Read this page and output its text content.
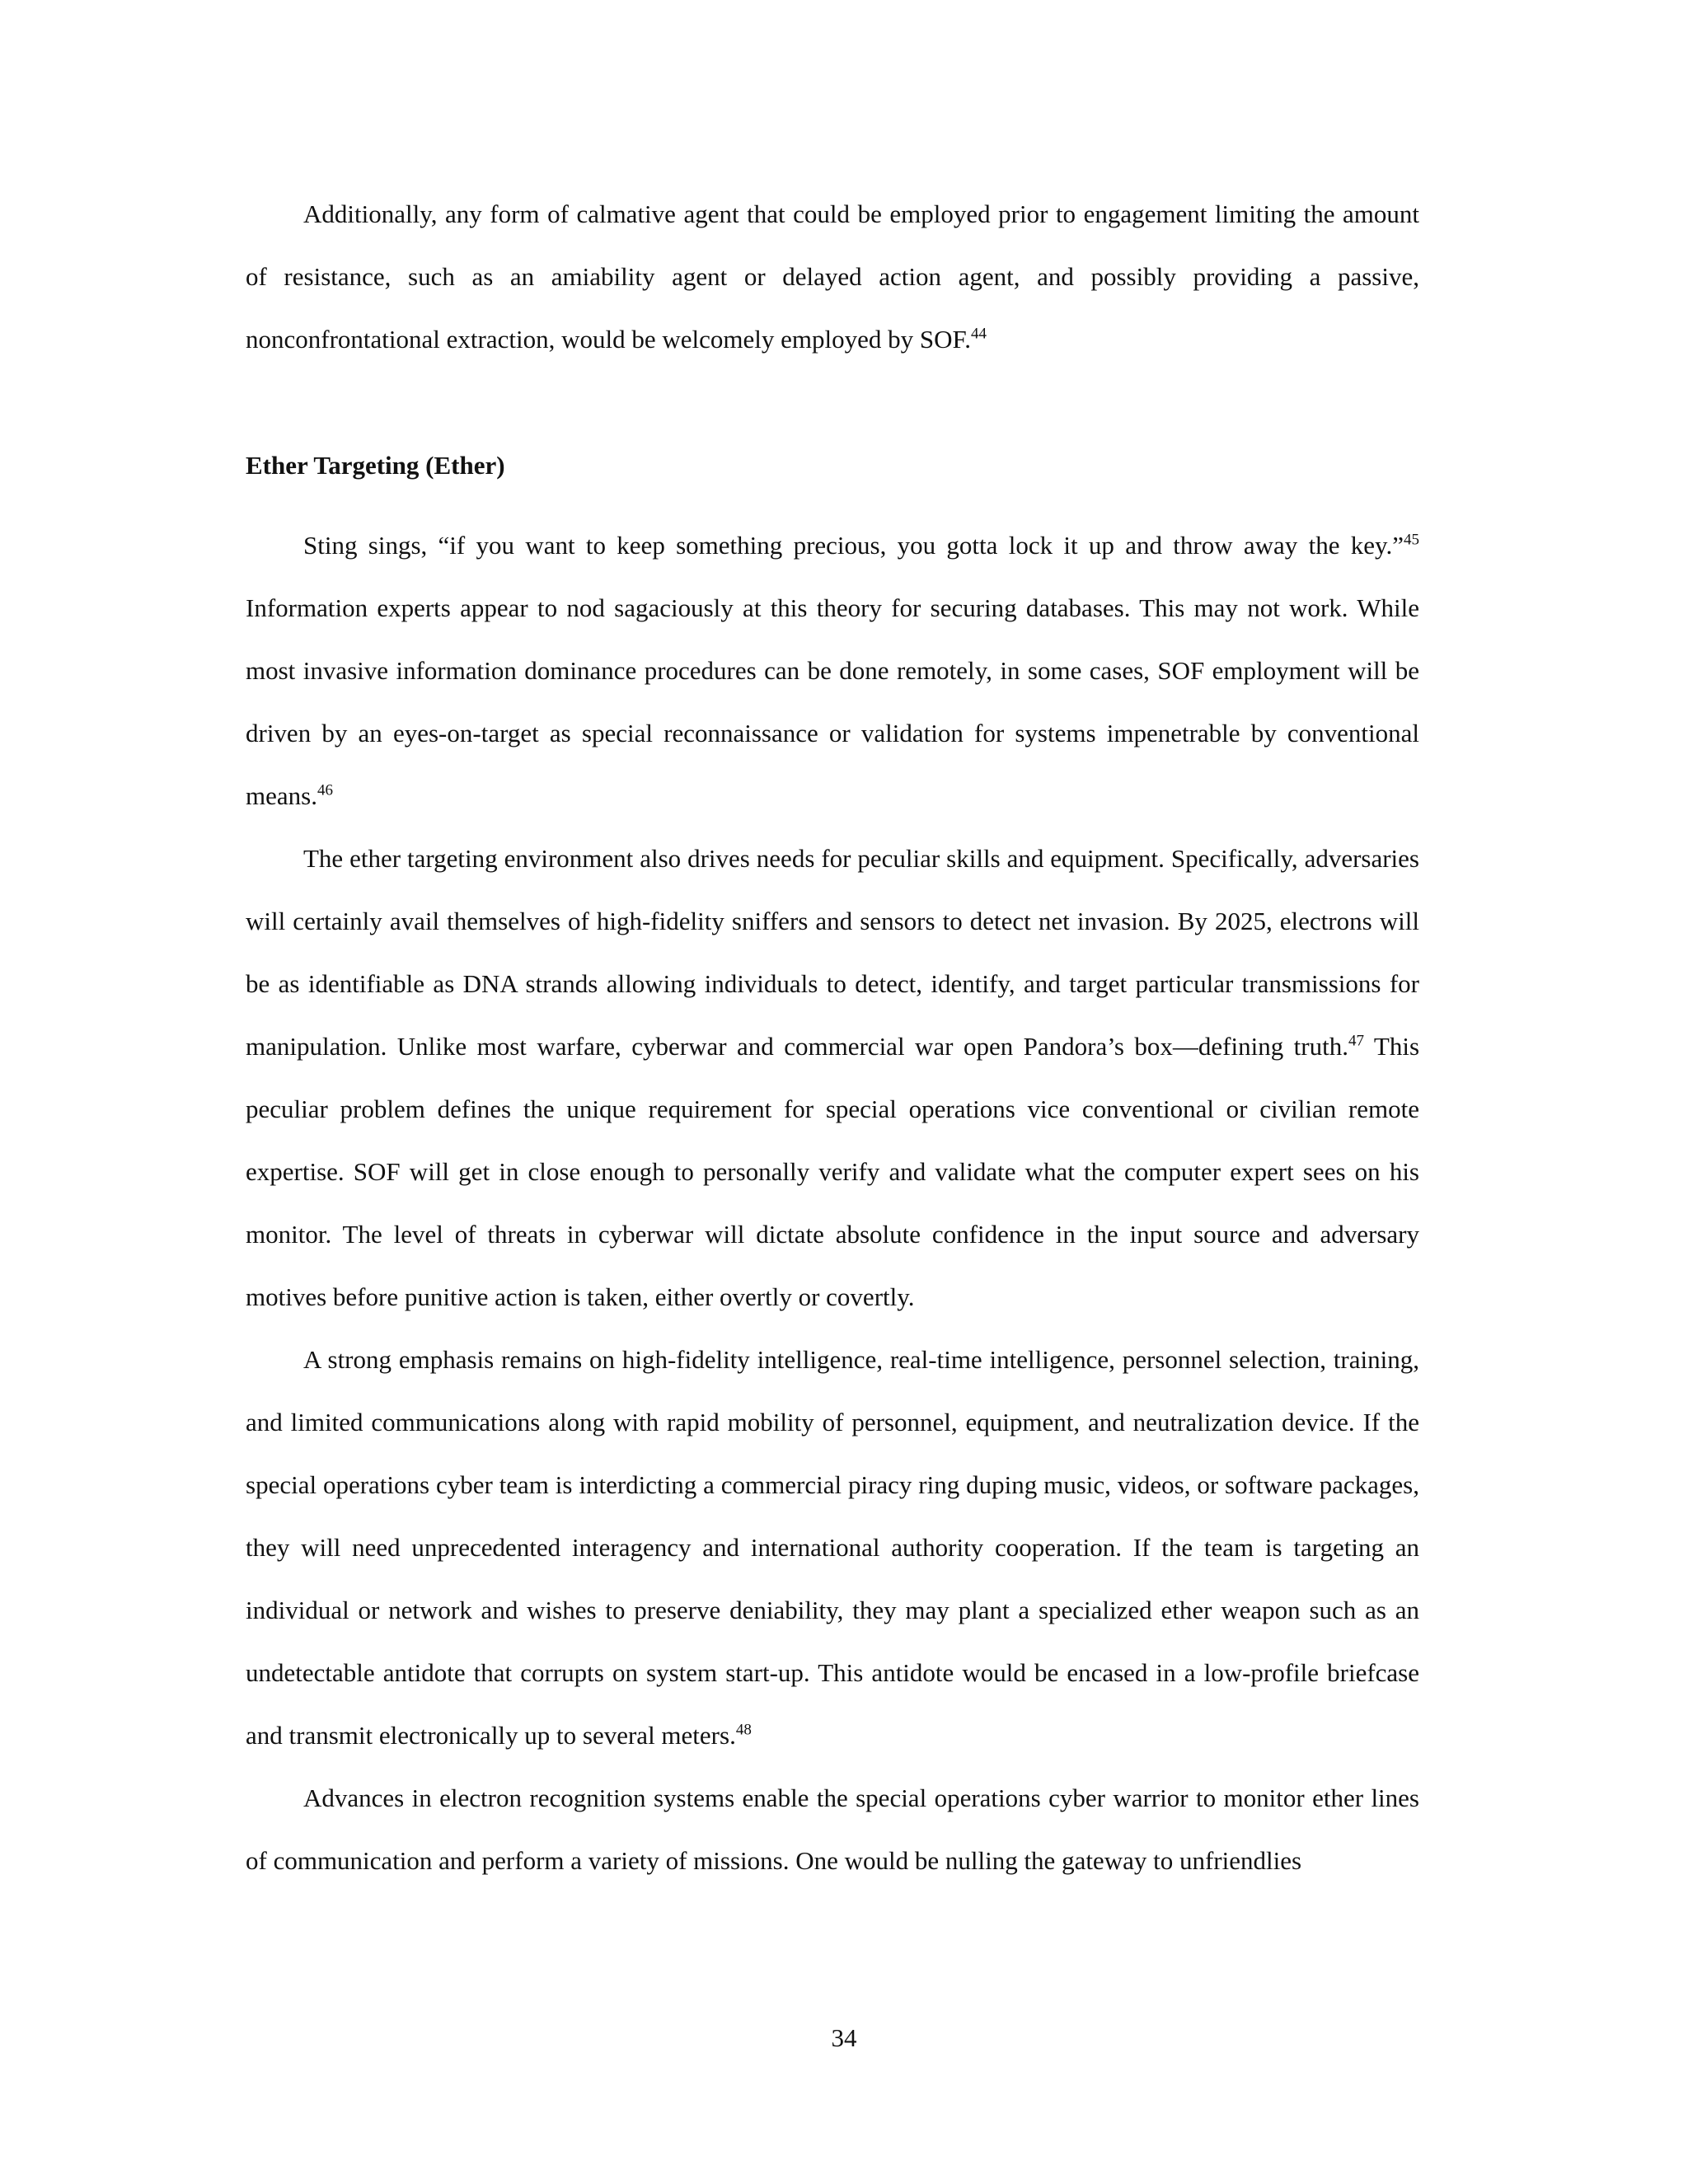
Additionally, any form of calmative agent that could be employed prior to engagement limiting the amount of resistance, such as an amiability agent or delayed action agent, and possibly providing a passive, nonconfrontational extraction, would be welcomely employed by SOF.$^{44}$

Ether Targeting (Ether)

Sting sings, “if you want to keep something precious, you gotta lock it up and throw away the key.”$^{45}$ Information experts appear to nod sagaciously at this theory for securing databases. This may not work. While most invasive information dominance procedures can be done remotely, in some cases, SOF employment will be driven by an eyes-on-target as special reconnaissance or validation for systems impenetrable by conventional means.$^{46}$

The ether targeting environment also drives needs for peculiar skills and equipment. Specifically, adversaries will certainly avail themselves of high-fidelity sniffers and sensors to detect net invasion. By 2025, electrons will be as identifiable as DNA strands allowing individuals to detect, identify, and target particular transmissions for manipulation. Unlike most warfare, cyberwar and commercial war open Pandora’s box—defining truth.$^{47}$ This peculiar problem defines the unique requirement for special operations vice conventional or civilian remote expertise. SOF will get in close enough to personally verify and validate what the computer expert sees on his monitor. The level of threats in cyberwar will dictate absolute confidence in the input source and adversary motives before punitive action is taken, either overtly or covertly.

A strong emphasis remains on high-fidelity intelligence, real-time intelligence, personnel selection, training, and limited communications along with rapid mobility of personnel, equipment, and neutralization device. If the special operations cyber team is interdicting a commercial piracy ring duping music, videos, or software packages, they will need unprecedented interagency and international authority cooperation. If the team is targeting an individual or network and wishes to preserve deniability, they may plant a specialized ether weapon such as an undetectable antidote that corrupts on system start-up. This antidote would be encased in a low-profile briefcase and transmit electronically up to several meters.$^{48}$

Advances in electron recognition systems enable the special operations cyber warrior to monitor ether lines of communication and perform a variety of missions. One would be nulling the gateway to unfriendlies

34
